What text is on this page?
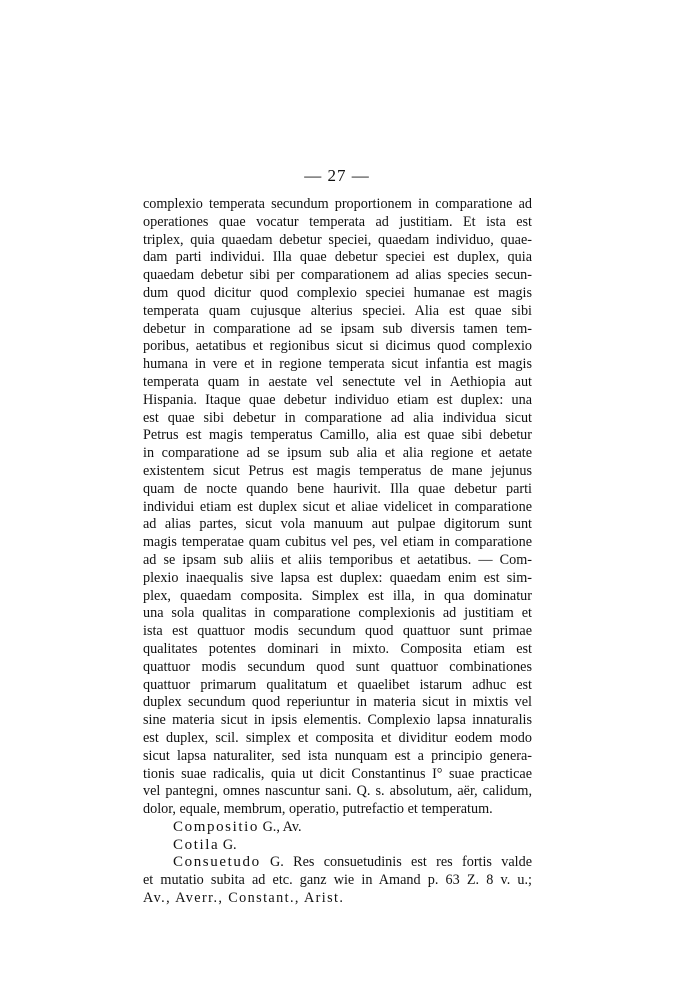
— 27 —
complexio temperata secundum proportionem in comparatione ad
operationes quae vocatur temperata ad justitiam. Et ista est
triplex, quia quaedam debetur speciei, quaedam individuo, quae-
dam parti individui. Illa quae debetur speciei est duplex, quia
quaedam debetur sibi per comparationem ad alias species secun-
dum quod dicitur quod complexio speciei humanae est magis
temperata quam cujusque alterius speciei. Alia est quae sibi
debetur in comparatione ad se ipsam sub diversis tamen tem-
poribus, aetatibus et regionibus sicut si dicimus quod complexio
humana in vere et in regione temperata sicut infantia est magis
temperata quam in aestate vel senectute vel in Aethiopia aut
Hispania. Itaque quae debetur individuo etiam est duplex: una
est quae sibi debetur in comparatione ad alia individua sicut
Petrus est magis temperatus Camillo, alia est quae sibi debetur
in comparatione ad se ipsum sub alia et alia regione et aetate
existentem sicut Petrus est magis temperatus de mane jejunus
quam de nocte quando bene haurivit. Illa quae debetur parti
individui etiam est duplex sicut et aliae videlicet in comparatione
ad alias partes, sicut vola manuum aut pulpae digitorum sunt
magis temperatae quam cubitus vel pes, vel etiam in comparatione
ad se ipsam sub aliis et aliis temporibus et aetatibus. — Com-
plexio inaequalis sive lapsa est duplex: quaedam enim est sim-
plex, quaedam composita. Simplex est illa, in qua dominatur
una sola qualitas in comparatione complexionis ad justitiam et
ista est quattuor modis secundum quod quattuor sunt primae
qualitates potentes dominari in mixto. Composita etiam est
quattuor modis secundum quod sunt quattuor combinationes
quattuor primarum qualitatum et quaelibet istarum adhuc est
duplex secundum quod reperiuntur in materia sicut in mixtis vel
sine materia sicut in ipsis elementis. Complexio lapsa innaturalis
est duplex, scil. simplex et composita et dividitur eodem modo
sicut lapsa naturaliter, sed ista nunquam est a principio genera-
tionis suae radicalis, quia ut dicit Constantinus I° suae practicae
vel pantegni, omnes nascuntur sani. Q. s. absolutum, aër, calidum,
dolor, equale, membrum, operatio, putrefactio et temperatum.
Compositio G., Av.
Cotila G.
Consuetudo G. Res consuetudinis est res fortis valde
et mutatio subita ad etc. ganz wie in Amand p. 63 Z. 8 v. u.;
Av., Averr., Constant., Arist.
